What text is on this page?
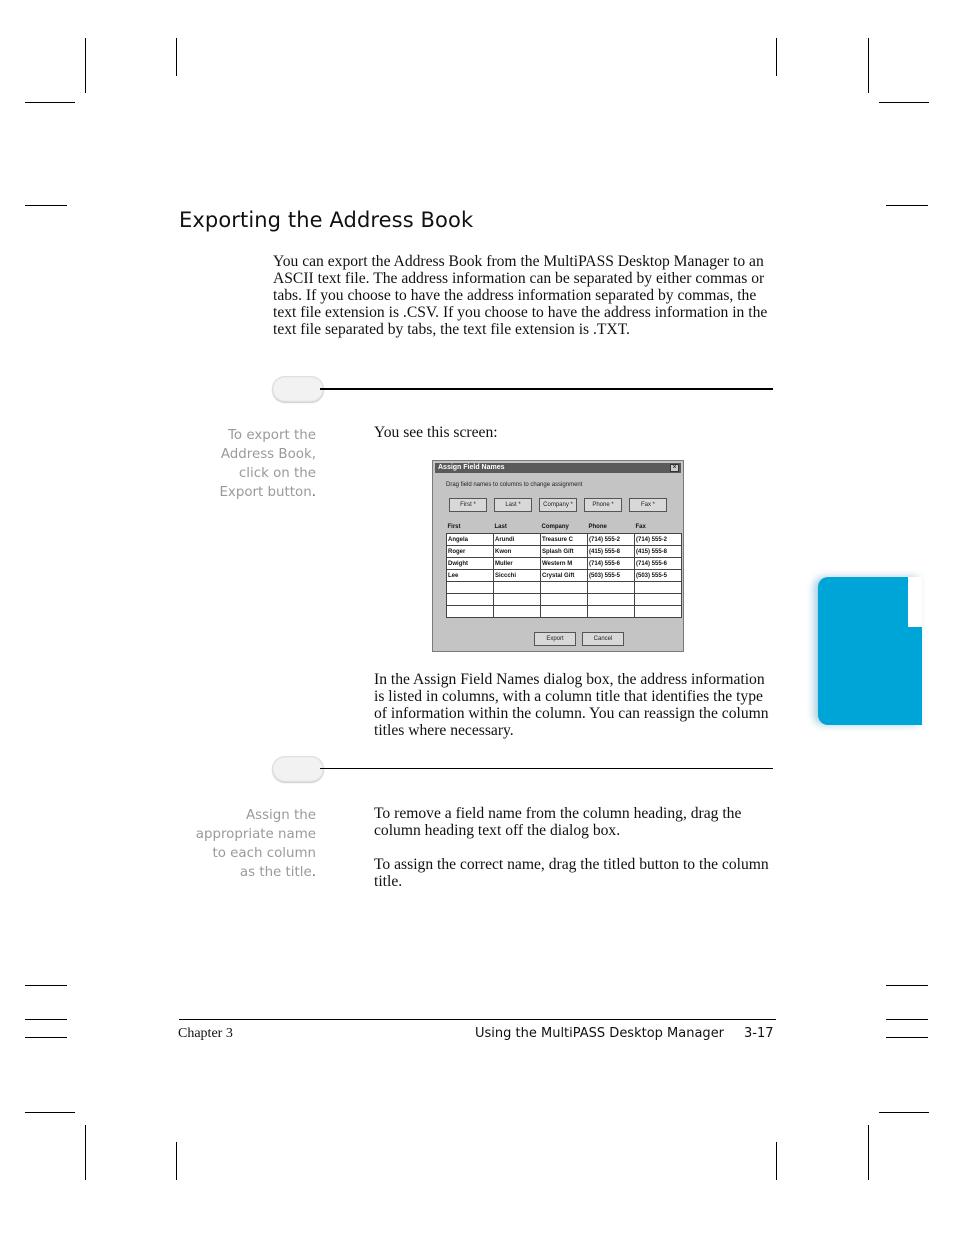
Exporting the Address Book

You can export the Address Book from the MultiPASS Desktop Manager to an ASCII text file. The address information can be separated by either commas or tabs. If you choose to have the address information separated by commas, the text file extension is .CSV. If you choose to have the address information in the text file separated by tabs, the text file extension is .TXT.

To export the
Address Book,
click on the
Export button.

You see this screen:

Assign Field Names	×
Drag field names to columns to change assignment
First *	Last *	Company *	Phone *	Fax *
First	Last	Company	Phone	Fax
Angela	Arundi	Treasure C	(714) 555-2	(714) 555-2
Roger	Kwon	Splash Gift	(415) 555-8	(415) 555-8
Dwight	Muller	Western M	(714) 555-6	(714) 555-6
Lee	Siccchi	Crystal Gift	(503) 555-5	(503) 555-5

Export	Cancel

In the Assign Field Names dialog box, the address information is listed in columns, with a column title that identifies the type of information within the column. You can reassign the column titles where necessary.

Assign the
appropriate name
to each column
as the title.

To remove a field name from the column heading, drag the column heading text off the dialog box.

To assign the correct name, drag the titled button to the column title.

Chapter 3	Using the MultiPASS Desktop Manager 3-17
